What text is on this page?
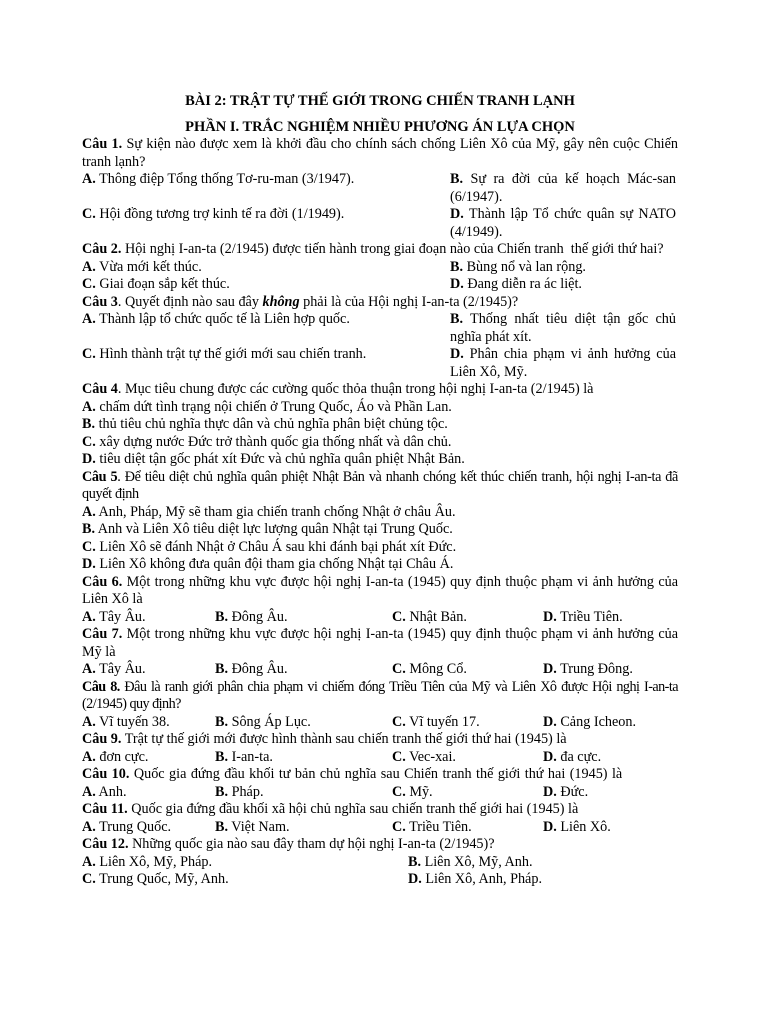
BÀI 2: TRẬT TỰ THẾ GIỚI TRONG CHIẾN TRANH LẠNH
PHẦN I. TRẮC NGHIỆM NHIỀU PHƯƠNG ÁN LỰA CHỌN
Câu 1. Sự kiện nào được xem là khởi đầu cho chính sách chống Liên Xô của Mỹ, gây nên cuộc Chiến tranh lạnh?
A. Thông điệp Tổng thống Tơ-ru-man (3/1947).	B. Sự ra đời của kế hoạch Mác-san (6/1947).
C. Hội đồng tương trợ kinh tế ra đời (1/1949).	D. Thành lập Tổ chức quân sự NATO (4/1949).
Câu 2. Hội nghị I-an-ta (2/1945) được tiến hành trong giai đoạn nào của Chiến tranh  thế giới thứ hai?
A. Vừa mới kết thúc.	B. Bùng nổ và lan rộng.
C. Giai đoạn sắp kết thúc.	D. Đang diễn ra ác liệt.
Câu 3. Quyết định nào sau đây không phải là của Hội nghị I-an-ta (2/1945)?
A. Thành lập tổ chức quốc tế là Liên hợp quốc.	B. Thống nhất tiêu diệt tận gốc chủ nghĩa phát xít.
C. Hình thành trật tự thế giới mới sau chiến tranh.	D. Phân chia phạm vi ảnh hưởng của Liên Xô, Mỹ.
Câu 4. Mục tiêu chung được các cường quốc thỏa thuận trong hội nghị I-an-ta (2/1945) là
A. chấm dứt tình trạng nội chiến ở Trung Quốc, Áo và Phần Lan.
B. thủ tiêu chủ nghĩa thực dân và chủ nghĩa phân biệt chủng tộc.
C. xây dựng nước Đức trở thành quốc gia thống nhất và dân chủ.
D. tiêu diệt tận gốc phát xít Đức và chủ nghĩa quân phiệt Nhật Bản.
Câu 5. Để tiêu diệt chủ nghĩa quân phiệt Nhật Bản và nhanh chóng kết thúc chiến tranh, hội nghị I-an-ta đã quyết định
A. Anh, Pháp, Mỹ sẽ tham gia chiến tranh chống Nhật ở châu Âu.
B. Anh và Liên Xô tiêu diệt lực lượng quân Nhật tại Trung Quốc.
C. Liên Xô sẽ đánh Nhật ở Châu Á sau khi đánh bại phát xít Đức.
D. Liên Xô không đưa quân đội tham gia chống Nhật tại Châu Á.
Câu 6. Một trong những khu vực được hội nghị I-an-ta (1945) quy định thuộc phạm vi ảnh hưởng của Liên Xô là
A. Tây Âu.	B. Đông Âu.	C. Nhật Bản.	D. Triều Tiên.
Câu 7. Một trong những khu vực được hội nghị I-an-ta (1945) quy định thuộc phạm vi ảnh hưởng của Mỹ là
A. Tây Âu.	B. Đông Âu.	C. Mông Cổ.	D. Trung Đông.
Câu 8. Đâu là ranh giới phân chia phạm vi chiếm đóng Triều Tiên của Mỹ và Liên Xô được Hội nghị I-an-ta (2/1945) quy định?
A. Vĩ tuyến 38.	B. Sông Áp Lục.	C. Vĩ tuyến 17.	D. Cảng Icheon.
Câu 9. Trật tự thế giới mới được hình thành sau chiến tranh thế giới thứ hai (1945) là
A. đơn cực.	B. I-an-ta.	C. Vec-xai.	D. đa cực.
Câu 10. Quốc gia đứng đầu khối tư bản chủ nghĩa sau Chiến tranh thế giới thứ hai (1945) là
A. Anh.	B. Pháp.	C. Mỹ.	D. Đức.
Câu 11. Quốc gia đứng đầu khối xã hội chủ nghĩa sau chiến tranh thế giới hai (1945) là
A. Trung Quốc.	B. Việt Nam.	C. Triều Tiên.	D. Liên Xô.
Câu 12. Những quốc gia nào sau đây tham dự hội nghị I-an-ta (2/1945)?
A. Liên Xô, Mỹ, Pháp.	B. Liên Xô, Mỹ, Anh.
C. Trung Quốc, Mỹ, Anh.	D. Liên Xô, Anh, Pháp.
